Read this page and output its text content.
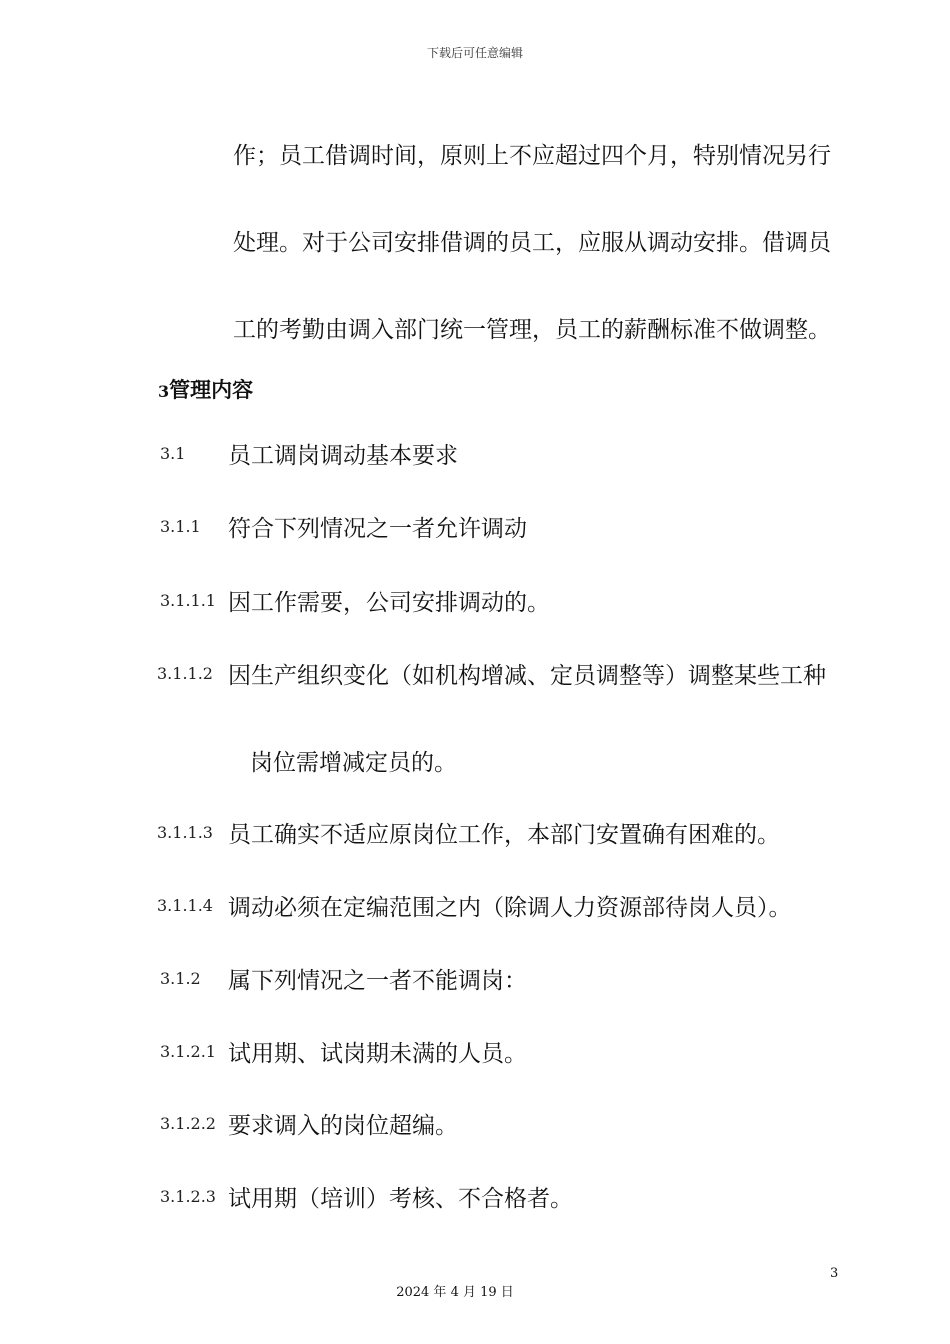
下载后可任意编辑
作；员工借调时间，原则上不应超过四个月，特别情况另行
处理。对于公司安排借调的员工，应服从调动安排。借调员
工的考勤由调入部门统一管理，员工的薪酬标准不做调整。
3管理内容
3.1 员工调岗调动基本要求
3.1.1 符合下列情况之一者允许调动
3.1.1.1 因工作需要，公司安排调动的。
3.1.1.2 因生产组织变化（如机构增减、定员调整等）调整某些工种
岗位需增减定员的。
3.1.1.3 员工确实不适应原岗位工作，本部门安置确有困难的。
3.1.1.4 调动必须在定编范围之内（除调人力资源部待岗人员）。
3.1.2 属下列情况之一者不能调岗：
3.1.2.1 试用期、试岗期未满的人员。
3.1.2.2 要求调入的岗位超编。
3.1.2.3 试用期（培训）考核、不合格者。
3
2024 年 4 月 19 日
